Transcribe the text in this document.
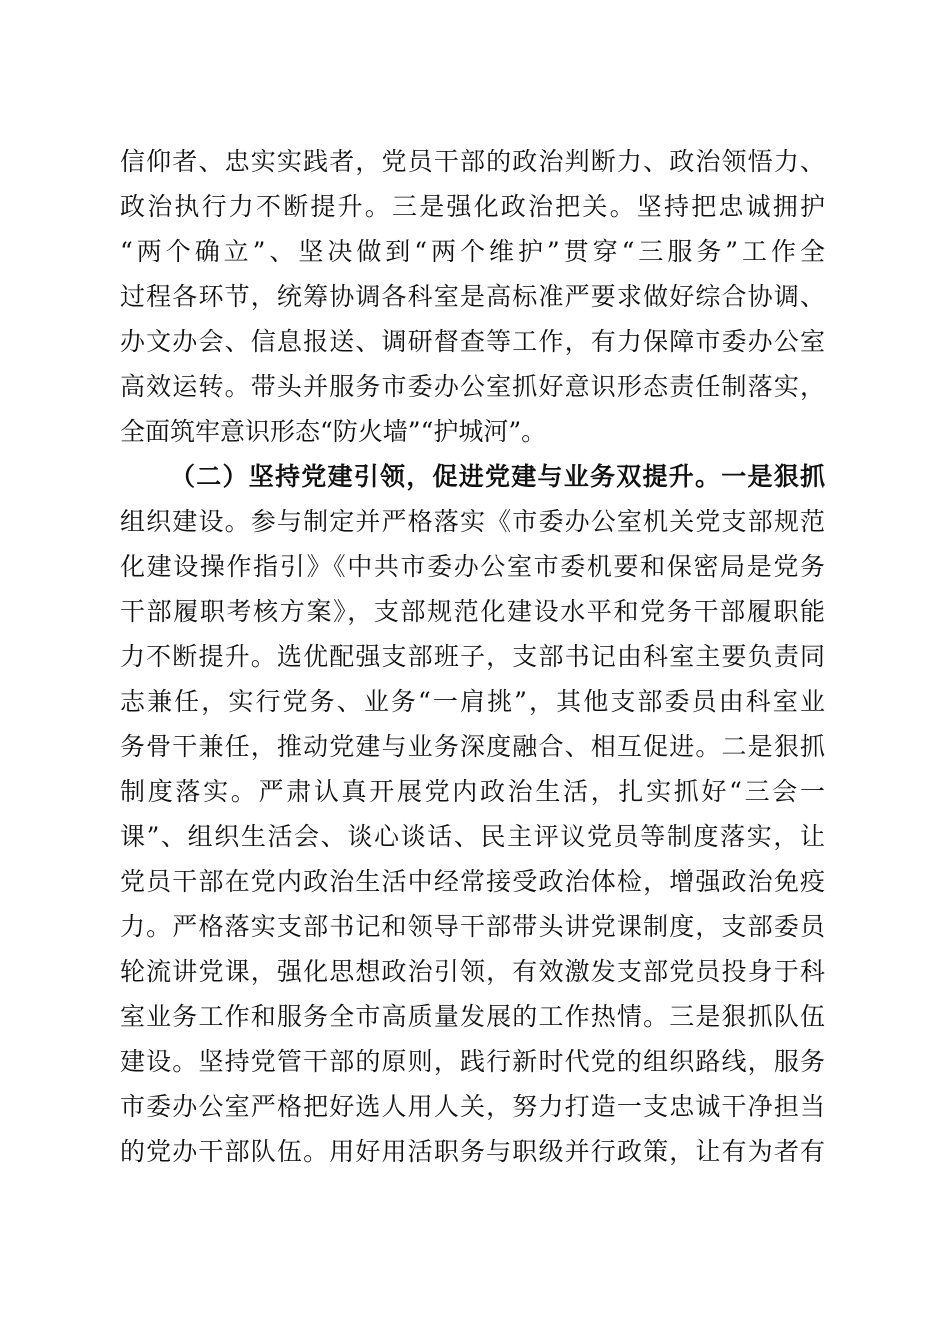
信仰者、忠实实践者，党员干部的政治判断力、政治领悟力、
政治执行力不断提升。三是强化政治把关。坚持把忠诚拥护
“两个确立”、坚决做到“两个维护”贯穿“三服务”工作全
过程各环节，统筹协调各科室是高标准严要求做好综合协调、
办文办会、信息报送、调研督查等工作，有力保障市委办公室
高效运转。带头并服务市委办公室抓好意识形态责任制落实，
全面筑牢意识形态“防火墙”“护城河”。
（二）坚持党建引领，促进党建与业务双提升。一是狠抓
组织建设。参与制定并严格落实《市委办公室机关党支部规范
化建设操作指引》《中共市委办公室市委机要和保密局是党务
干部履职考核方案》，支部规范化建设水平和党务干部履职能
力不断提升。选优配强支部班子，支部书记由科室主要负责同
志兼任，实行党务、业务“一肩挑”，其他支部委员由科室业
务骨干兼任，推动党建与业务深度融合、相互促进。二是狠抓
制度落实。严肃认真开展党内政治生活，扎实抓好“三会一
课”、组织生活会、谈心谈话、民主评议党员等制度落实，让
党员干部在党内政治生活中经常接受政治体检，增强政治免疫
力。严格落实支部书记和领导干部带头讲党课制度，支部委员
轮流讲党课，强化思想政治引领，有效激发支部党员投身于科
室业务工作和服务全市高质量发展的工作热情。三是狠抓队伍
建设。坚持党管干部的原则，践行新时代党的组织路线，服务
市委办公室严格把好选人用人关，努力打造一支忠诚干净担当
的党办干部队伍。用好用活职务与职级并行政策，让有为者有
